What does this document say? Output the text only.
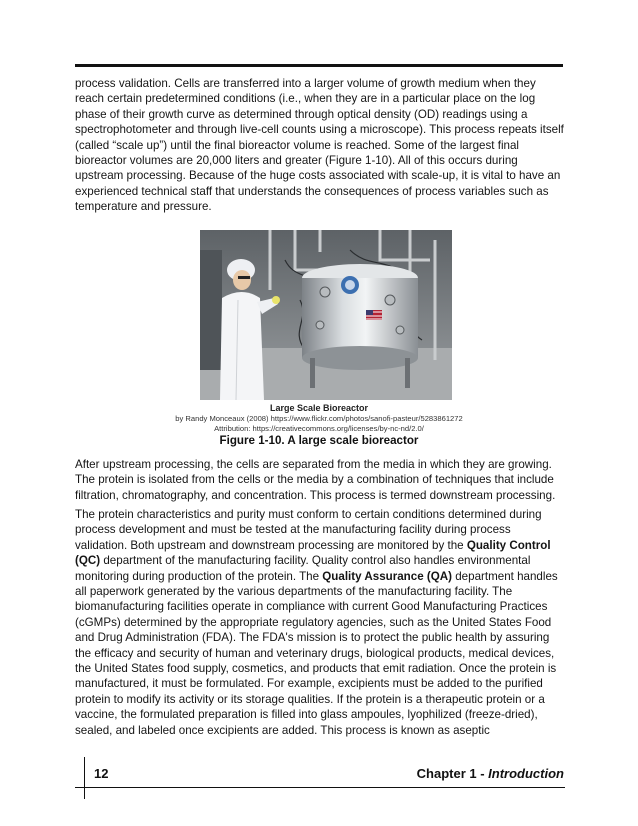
process validation. Cells are transferred into a larger volume of growth medium when they reach certain predetermined conditions (i.e., when they are in a particular place on the log phase of their growth curve as determined through optical density (OD) readings using a spectrophotometer and through live-cell counts using a microscope). This process repeats itself (called “scale up”) until the final bioreactor volume is reached. Some of the largest final bioreactor volumes are 20,000 liters and greater (Figure 1-10). All of this occurs during upstream processing. Because of the huge costs associated with scale-up, it is vital to have an experienced technical staff that understands the consequences of process variables such as temperature and pressure.

Large Scale Bioreactor

by Randy Monceaux (2008) https://www.flickr.com/photos/sanofi-pasteur/5283861272

Attribution: https://creativecommons.org/licenses/by-nc-nd/2.0/

Figure 1-10. A large scale bioreactor

After upstream processing, the cells are separated from the media in which they are growing. The protein is isolated from the cells or the media by a combination of techniques that include filtration, chromatography, and concentration. This process is termed downstream processing.

The protein characteristics and purity must conform to certain conditions determined during process development and must be tested at the manufacturing facility during process validation. Both upstream and downstream processing are monitored by the Quality Control (QC) department of the manufacturing facility. Quality control also handles environmental monitoring during production of the protein. The Quality Assurance (QA) department handles all paperwork generated by the various departments of the manufacturing facility. The biomanufacturing facilities operate in compliance with current Good Manufacturing Practices (cGMPs) determined by the appropriate regulatory agencies, such as the United States Food and Drug Administration (FDA). The FDA's mission is to protect the public health by assuring the efficacy and security of human and veterinary drugs, biological products, medical devices, the United States food supply, cosmetics, and products that emit radiation. Once the protein is manufactured, it must be formulated. For example, excipients must be added to the purified protein to modify its activity or its storage qualities. If the protein is a therapeutic protein or a vaccine, the formulated preparation is filled into glass ampoules, lyophilized (freeze-dried), sealed, and labeled once excipients are added. This process is known as aseptic

12	Chapter 1 - Introduction
